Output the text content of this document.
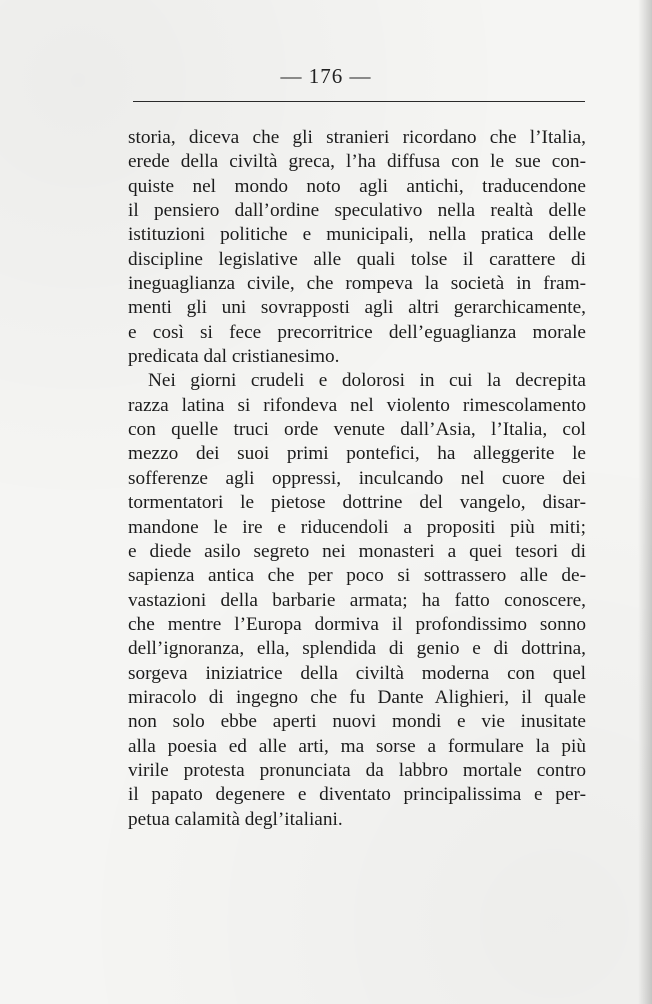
— 176 —
storia, diceva che gli stranieri ricordano che l’Italia,
erede della civiltà greca, l’ha diffusa con le sue con-
quiste nel mondo noto agli antichi, traducendone
il pensiero dall’ordine speculativo nella realtà delle
istituzioni politiche e municipali, nella pratica delle
discipline legislative alle quali tolse il carattere di
ineguaglianza civile, che rompeva la società in fram-
menti gli uni sovrapposti agli altri gerarchicamente,
e così si fece precorritrice dell’eguaglianza morale
predicata dal cristianesimo.
Nei giorni crudeli e dolorosi in cui la decrepita
razza latina si rifondeva nel violento rimescolamento
con quelle truci orde venute dall’Asia, l’Italia, col
mezzo dei suoi primi pontefici, ha alleggerite le
sofferenze agli oppressi, inculcando nel cuore dei
tormentatori le pietose dottrine del vangelo, disar-
mandone le ire e riducendoli a propositi più miti;
e diede asilo segreto nei monasteri a quei tesori di
sapienza antica che per poco si sottrassero alle de-
vastazioni della barbarie armata; ha fatto conoscere,
che mentre l’Europa dormiva il profondissimo sonno
dell’ignoranza, ella, splendida di genio e di dottrina,
sorgeva iniziatrice della civiltà moderna con quel
miracolo di ingegno che fu Dante Alighieri, il quale
non solo ebbe aperti nuovi mondi e vie inusitate
alla poesia ed alle arti, ma sorse a formulare la più
virile protesta pronunciata da labbro mortale contro
il papato degenere e diventato principalissima e per-
petua calamità degl’italiani.
